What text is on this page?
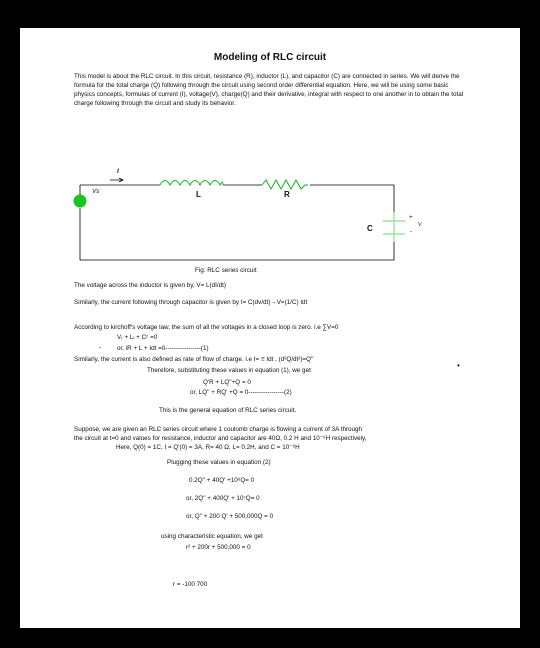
Modeling of RLC circuit
This model is about the RLC circuit. In this circuit, resistance (R), inductor (L), and capacitor (C) are connected in series. We will derive the formula for the total charge (Q) following through the circuit using second order differential equation. Here, we will be using some basic physics concepts, formulas of current (I), voltage(V), charge(Q) and their derivative, integral with respect to one another in to obtain the total charge following through the circuit and study its behavior.
I
L	R
Vs
C
+
-
V
Fig: RLC series circuit
The voltage across the inductor is given by, V= L(dI/dt)
Similarly, the current following through capacitor is given by I= C(dv/dt)→V=(1/C) Idt
According to kirchoff's voltage law, the sum of all the voltages in a closed loop is zero. i.e ∑V=0
Vᵣ + Lₗ + Cᶜ =0
.	or, iR + L + Idt =0-----------------(1)
Similarly, the current is also defined as rate of flow of charge. i.e I= ≡ Idt , (d²Q/dt²)=Q''
•
Therefore, substituting these values in equation (1), we get
Q'R + LQ''+Q = 0
or, LQ'' + RQ' +Q = 0-----------------(2)
This is the general equation of RLC series circuit.
Suppose, we are given an RLC series circuit where 1 coulomb charge is flowing a current of 3A through
the circuit at t=0 and values for resistance, inductor and capacitor are 40Ω, 0.2 H and 10⁻⁶H respectively,
Here, Q(0) = 1C, I = Q'(0) = 3A, R= 40 Ω, L= 0.2H, and C = 10⁻⁶H
Plugging these values in equation (2)
0.2Q'' + 40Q' +10⁶Q= 0
or, 2Q'' + 400Q' + 10⁷Q= 0
or, Q'' + 200 Q' + 500,000Q = 0
using characteristic equation, we get
r² + 200r + 500,000 = 0
r = -100 700
